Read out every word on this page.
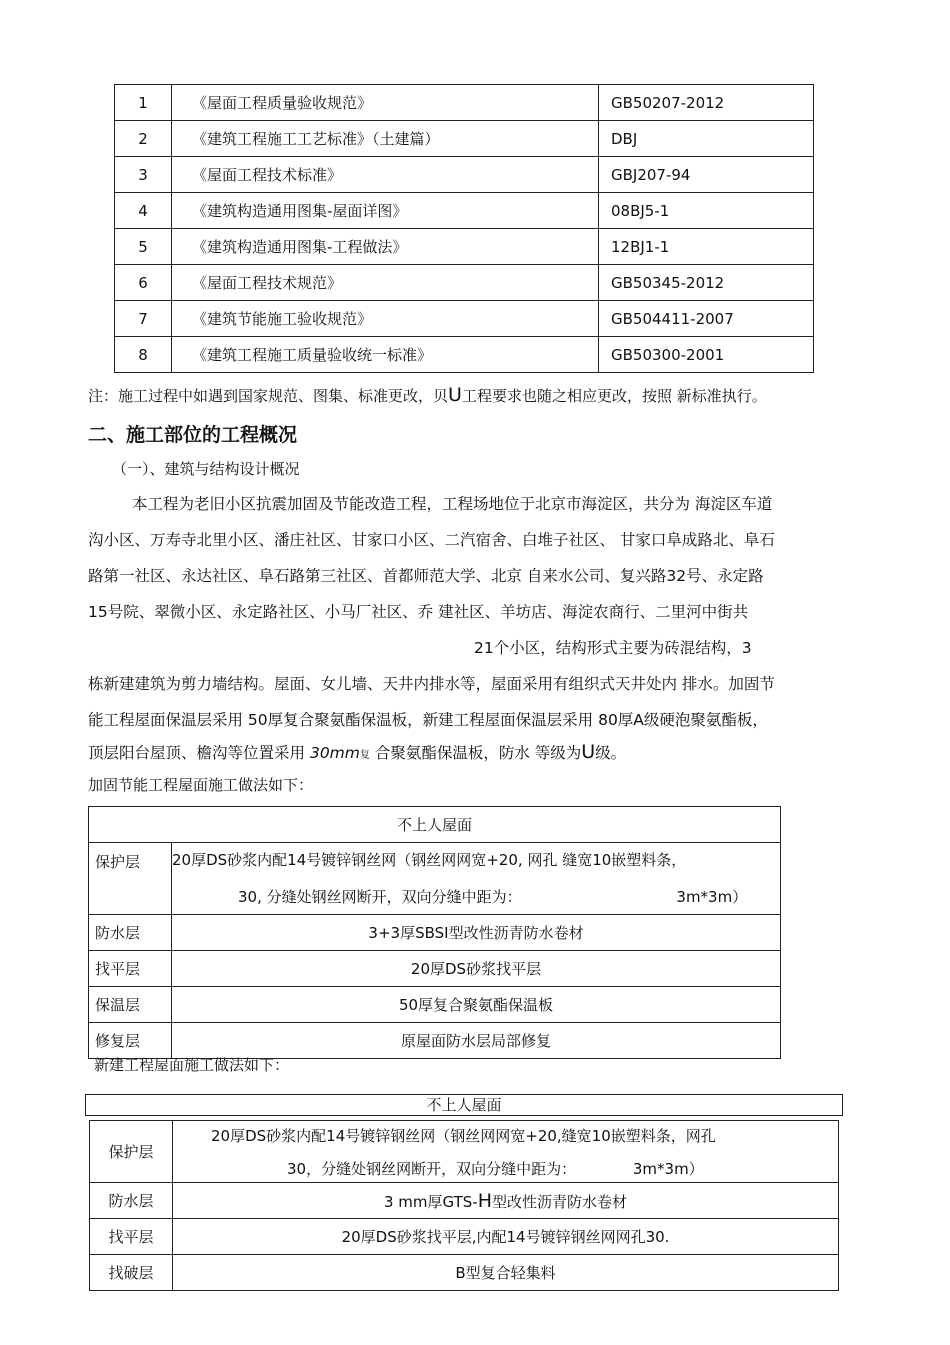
1	《屋面工程质量验收规范》	GB50207-2012
2	《建筑工程施工工艺标准》（土建篇）	DBJ
3	《屋面工程技术标准》	GBJ207-94
4	《建筑构造通用图集-屋面详图》	08BJ5-1
5	《建筑构造通用图集-工程做法》	12BJ1-1
6	《屋面工程技术规范》	GB50345-2012
7	《建筑节能施工验收规范》	GB504411-2007
8	《建筑工程施工质量验收统一标准》	GB50300-2001
注：施工过程中如遇到国家规范、图集、标准更改，贝U工程要求也随之相应更改，按照 新标准执行。
二、施工部位的工程概况
（一）、建筑与结构设计概况
本工程为老旧小区抗震加固及节能改造工程，工程场地位于北京市海淀区，共分为 海淀区车道
沟小区、万寿寺北里小区、潘庄社区、甘家口小区、二汽宿舍、白堆子社区、 甘家口阜成路北、阜石
路第一社区、永达社区、阜石路第三社区、首都师范大学、北京 自来水公司、复兴路32号、永定路
15号院、翠微小区、永定路社区、小马厂社区、乔 建社区、羊坊店、海淀农商行、二里河中街共
21个小区，结构形式主要为砖混结构，3
栋新建建筑为剪力墙结构。屋面、女儿墙、天井内排水等，屋面采用有组织式天井处内 排水。加固节
能工程屋面保温层采用 50厚复合聚氨酯保温板，新建工程屋面保温层采用 80厚A级硬泡聚氨酯板，
顶层阳台屋顶、檐沟等位置采用 30mm复 合聚氨酯保温板，防水 等级为U级。
加固节能工程屋面施工做法如下：
不上人屋面	
保护层	20厚DS砂浆内配14号镀锌钢丝网（钢丝网网宽+20, 网孔 缝宽10嵌塑料条，
30, 分缝处钢丝网断开，双向分缝中距为： 3m*3m）

防水层	3+3厚SBSI型改性沥青防水卷材
找平层	20厚DS砂浆找平层
保温层	50厚复合聚氨酯保温板
修复层	原屋面防水层局部修复
新建工程屋面施工做法如下：
不上人屋面
保护层	20厚DS砂浆内配14号镀锌钢丝网（钢丝网网宽+20,缝宽10嵌塑料条，网孔
30，分缝处钢丝网断开，双向分缝中距为： 3m*3m）

防水层	3 mm厚GTS-H型改性沥青防水卷材
找平层	20厚DS砂浆找平层,内配14号镀锌钢丝网网孔30.
找破层	B型复合轻集料
